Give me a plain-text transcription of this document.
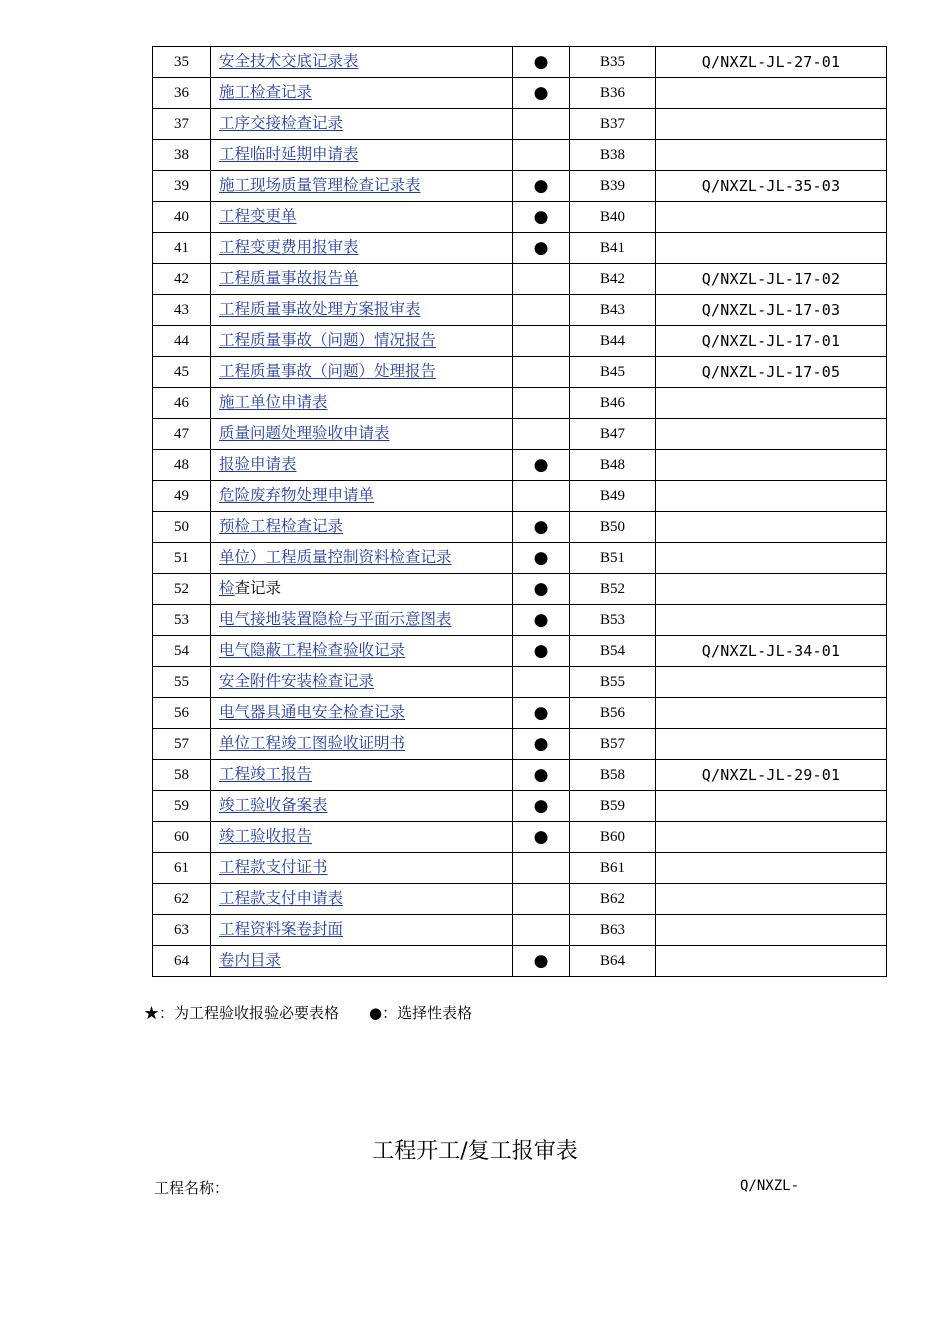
35	安全技术交底记录表	●	B35	Q/NXZL-JL-27-01
36	施工检查记录	●	B36	
37	工序交接检查记录		B37	
38	工程临时延期申请表		B38	
39	施工现场质量管理检查记录表	●	B39	Q/NXZL-JL-35-03
40	工程变更单	●	B40	
41	工程变更费用报审表	●	B41	
42	工程质量事故报告单		B42	Q/NXZL-JL-17-02
43	工程质量事故处理方案报审表		B43	Q/NXZL-JL-17-03
44	工程质量事故（问题）情况报告		B44	Q/NXZL-JL-17-01
45	工程质量事故（问题）处理报告		B45	Q/NXZL-JL-17-05
46	施工单位申请表		B46	
47	质量问题处理验收申请表		B47	
48	报验申请表	●	B48	
49	危险废弃物处理申请单		B49	
50	预检工程检查记录	●	B50	
51	单位）工程质量控制资料检查记录	●	B51	
52	检查记录	●	B52	
53	电气接地装置隐检与平面示意图表	●	B53	
54	电气隐蔽工程检查验收记录	●	B54	Q/NXZL-JL-34-01
55	安全附件安装检查记录		B55	
56	电气器具通电安全检查记录	●	B56	
57	单位工程竣工图验收证明书	●	B57	
58	工程竣工报告	●	B58	Q/NXZL-JL-29-01
59	竣工验收备案表	●	B59	
60	竣工验收报告	●	B60	
61	工程款支付证书		B61	
62	工程款支付申请表		B62	
63	工程资料案卷封面		B63	
64	卷内目录	●	B64	
★：为工程验收报验必要表格 ●：选择性表格
工程开工/复工报审表
工程名称：	Q/NXZL-
